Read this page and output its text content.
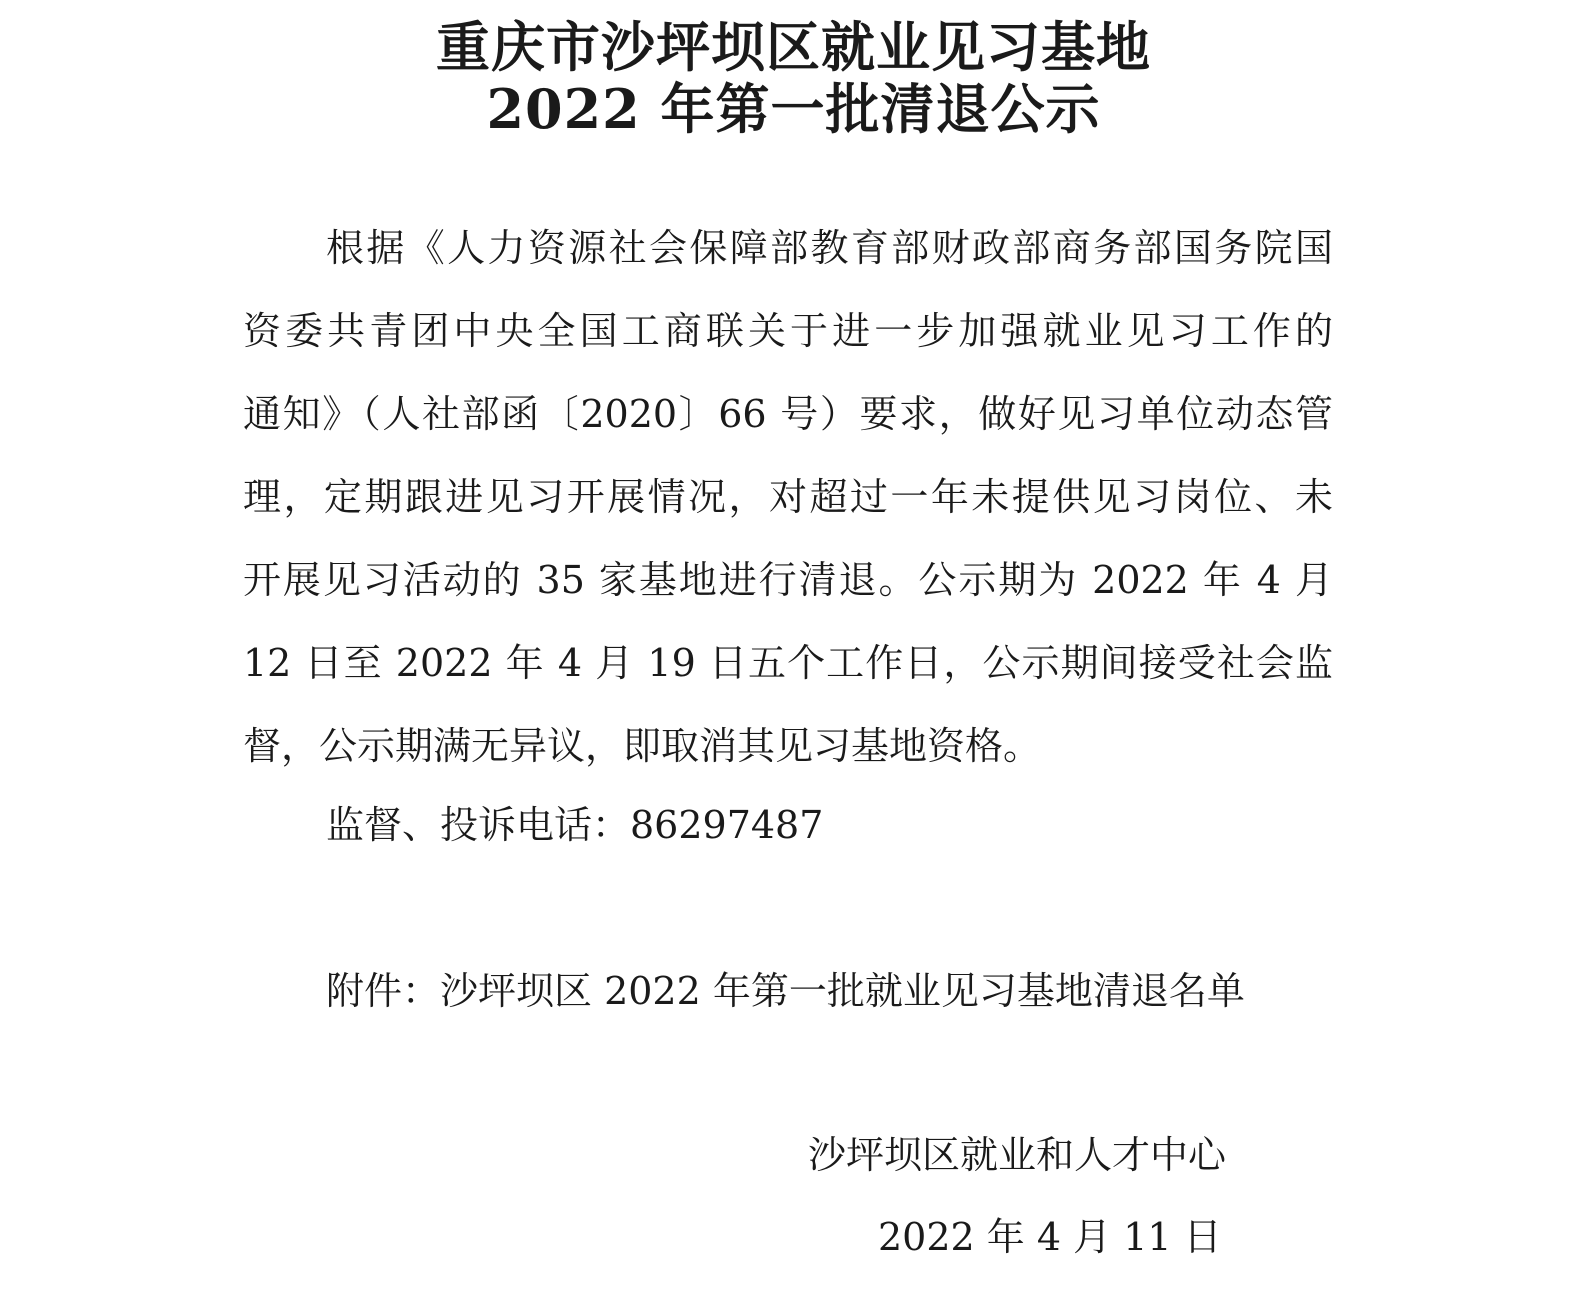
重庆市沙坪坝区就业见习基地
2022 年第一批清退公示

根据《人力资源社会保障部教育部财政部商务部国务院国

资委共青团中央全国工商联关于进一步加强就业见习工作的

通知》（人社部函〔2020〕66 号）要求，做好见习单位动态管

理，定期跟进见习开展情况，对超过一年未提供见习岗位、未

开展见习活动的 35 家基地进行清退。公示期为 2022 年 4 月

12 日至 2022 年 4 月 19 日五个工作日，公示期间接受社会监

督，公示期满无异议，即取消其见习基地资格。

监督、投诉电话：86297487

附件：沙坪坝区 2022 年第一批就业见习基地清退名单

沙坪坝区就业和人才中心

2022 年 4 月 11 日
